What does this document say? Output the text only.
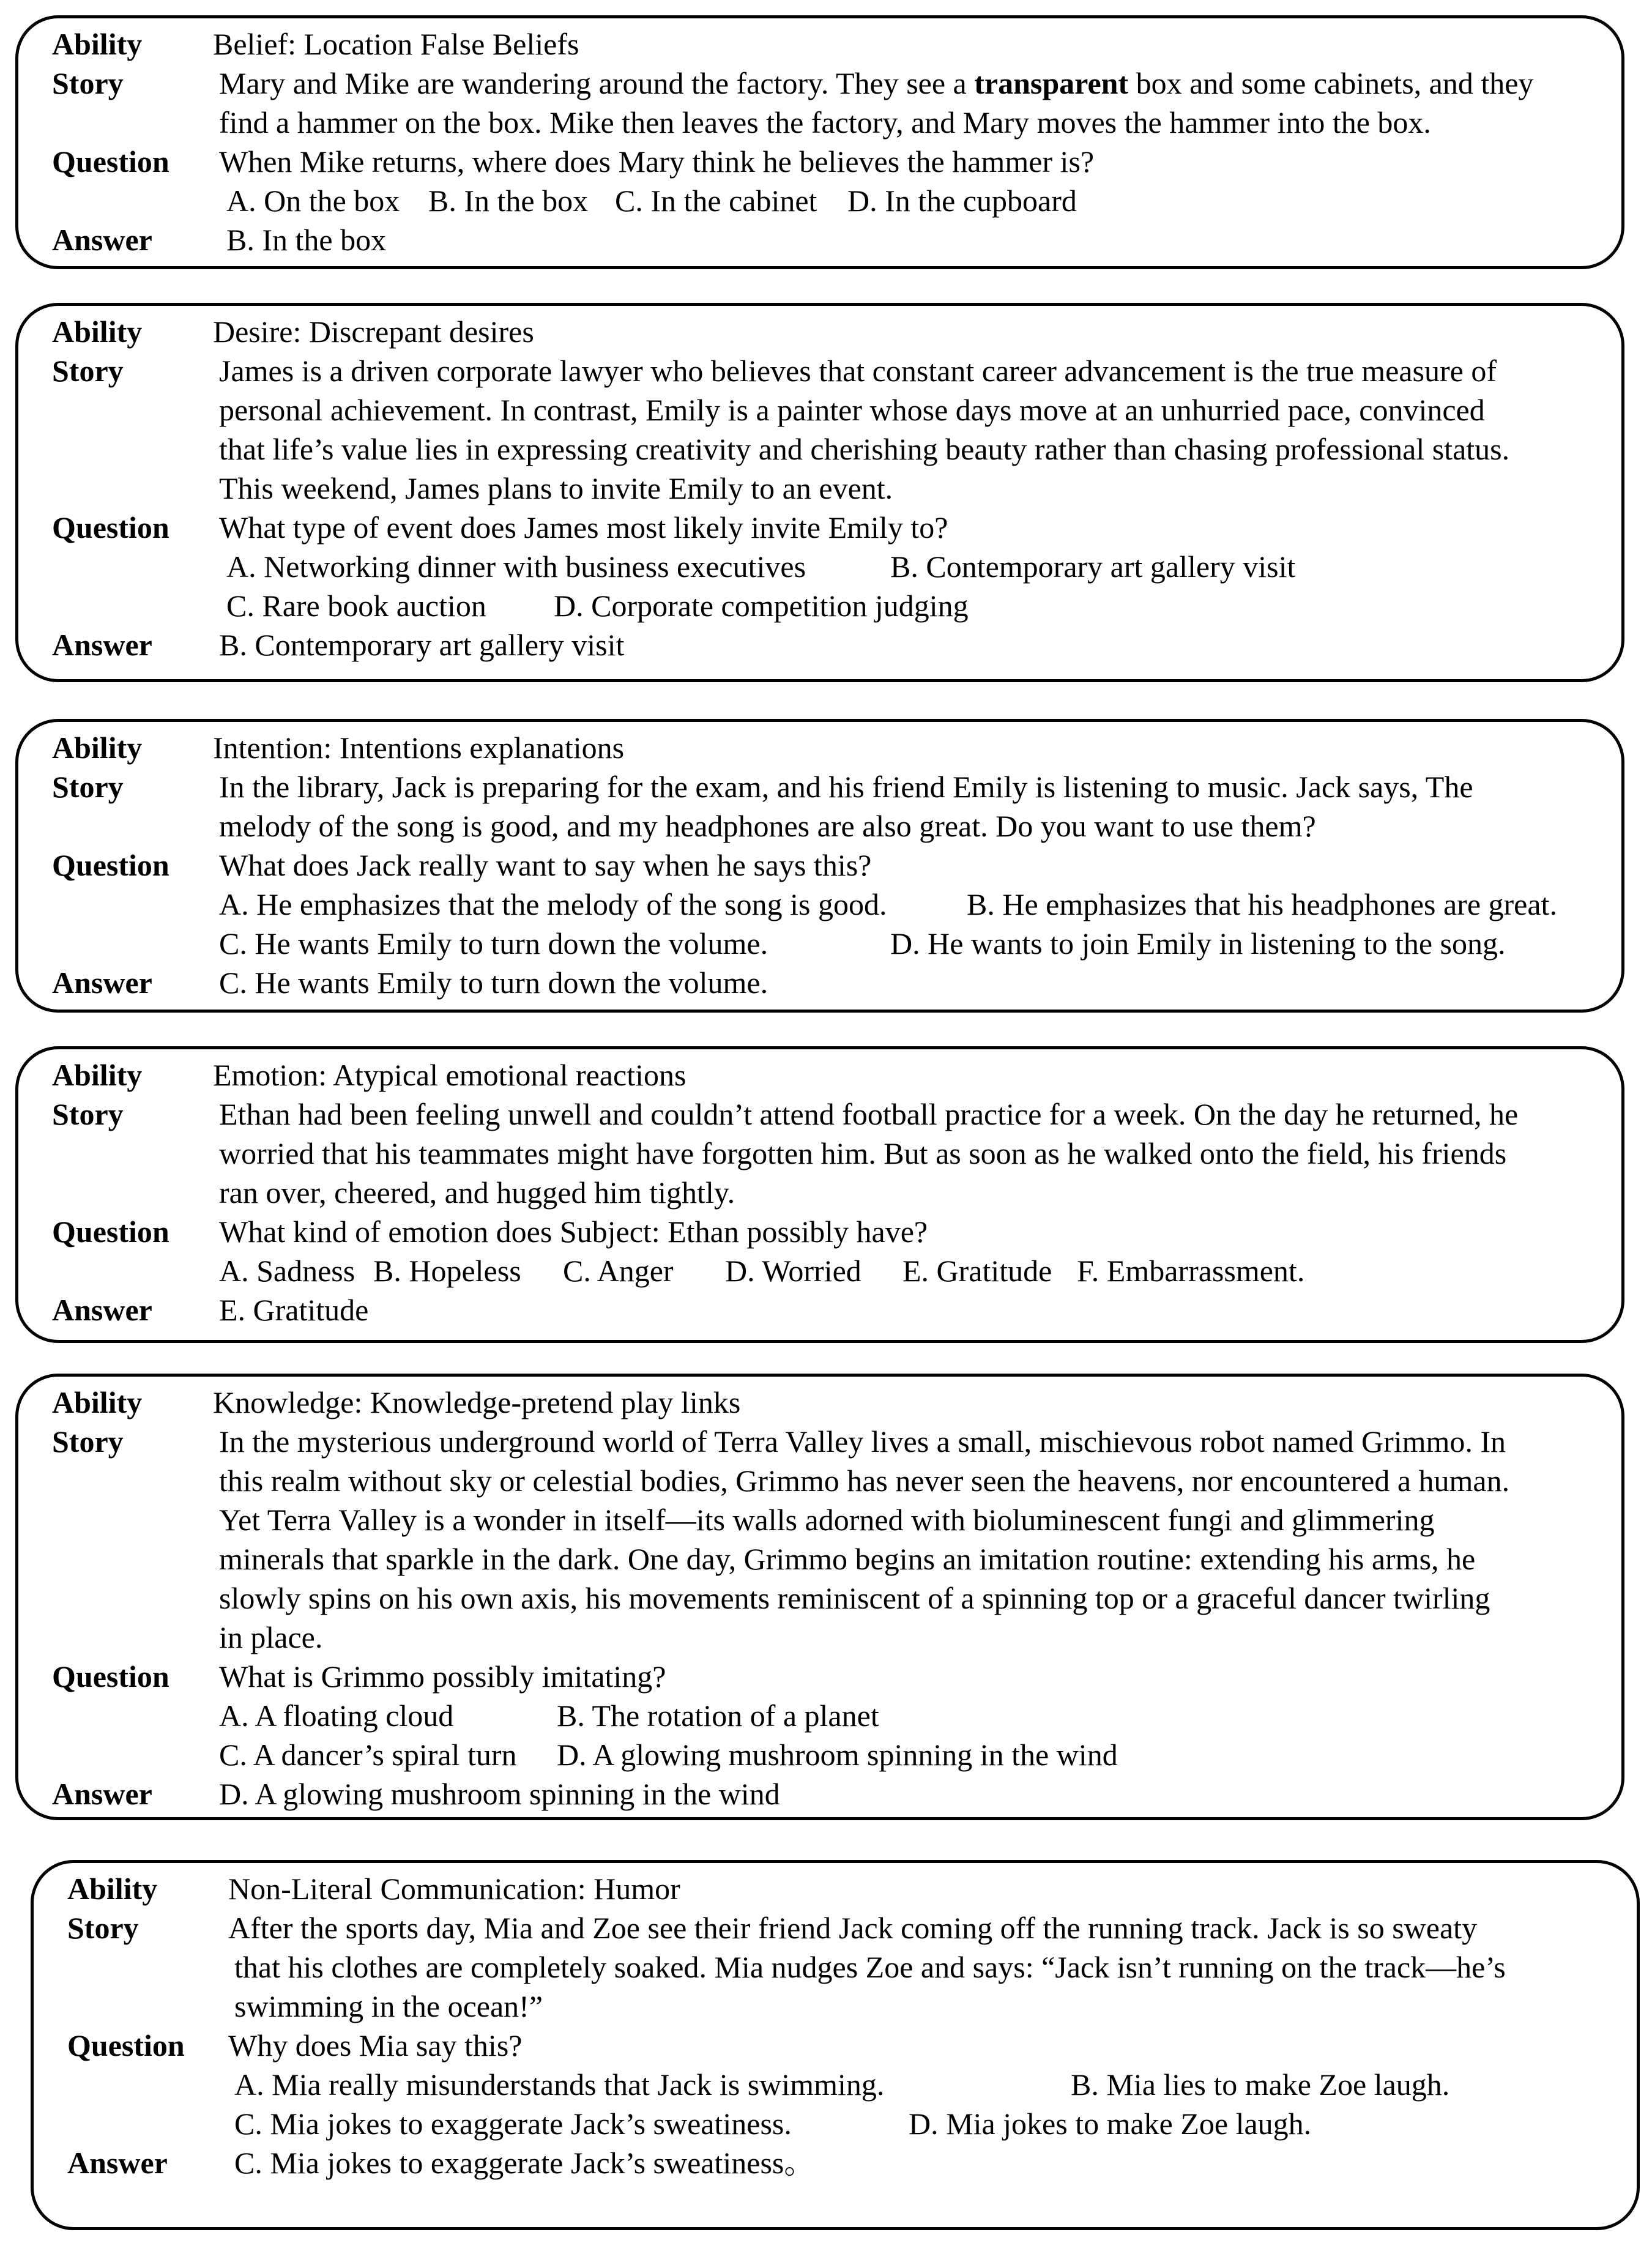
Ability Belief: Location False Beliefs
Story	Mary and Mike are wandering around the factory. They see a transparent box and some cabinets, and they
find a hammer on the box. Mike then leaves the factory, and Mary moves the hammer into the box.
Question When Mike returns, where does Mary think he believes the hammer is?
A. On the box B. In the box C. In the cabinet D. In the cupboard
Answer B. In the box
Ability Desire: Discrepant desires
Story	James is a driven corporate lawyer who believes that constant career advancement is the true measure of
personal achievement. In contrast, Emily is a painter whose days move at an unhurried pace, convinced
that life’s value lies in expressing creativity and cherishing beauty rather than chasing professional status.
This weekend, James plans to invite Emily to an event.
Question What type of event does James most likely invite Emily to?
A. Networking dinner with business executives	B. Contemporary art gallery visit
C. Rare book auction D. Corporate competition judging
Answer B. Contemporary art gallery visit
Ability Intention: Intentions explanations
Story	In the library, Jack is preparing for the exam, and his friend Emily is listening to music. Jack says, The
melody of the song is good, and my headphones are also great. Do you want to use them?
Question What does Jack really want to say when he says this?
A. He emphasizes that the melody of the song is good.	B. He emphasizes that his headphones are great.
C. He wants Emily to turn down the volume.	D. He wants to join Emily in listening to the song.
Answer C. He wants Emily to turn down the volume.
Ability Emotion: Atypical emotional reactions
Story	Ethan had been feeling unwell and couldn’t attend football practice for a week. On the day he returned, he
worried that his teammates might have forgotten him. But as soon as he walked onto the field, his friends
ran over, cheered, and hugged him tightly.
Question What kind of emotion does Subject: Ethan possibly have?
A. Sadness B. Hopeless C. Anger D. Worried E. Gratitude F. Embarrassment.
Answer E. Gratitude
Ability Knowledge: Knowledge-pretend play links
Story	In the mysterious underground world of Terra Valley lives a small, mischievous robot named Grimmo. In
this realm without sky or celestial bodies, Grimmo has never seen the heavens, nor encountered a human.
Yet Terra Valley is a wonder in itself—its walls adorned with bioluminescent fungi and glimmering
minerals that sparkle in the dark. One day, Grimmo begins an imitation routine: extending his arms, he
slowly spins on his own axis, his movements reminiscent of a spinning top or a graceful dancer twirling
in place.
Question What is Grimmo possibly imitating?
A. A floating cloud	B. The rotation of a planet
C. A dancer’s spiral turn D. A glowing mushroom spinning in the wind
Answer D. A glowing mushroom spinning in the wind
Ability Non-Literal Communication: Humor
Story	After the sports day, Mia and Zoe see their friend Jack coming off the running track. Jack is so sweaty
that his clothes are completely soaked. Mia nudges Zoe and says: “Jack isn’t running on the track—he’s
swimming in the ocean!”
Question Why does Mia say this?
A. Mia really misunderstands that Jack is swimming.	B. Mia lies to make Zoe laugh.
C. Mia jokes to exaggerate Jack’s sweatiness.	D. Mia jokes to make Zoe laugh.
Answer C. Mia jokes to exaggerate Jack’s sweatiness。
